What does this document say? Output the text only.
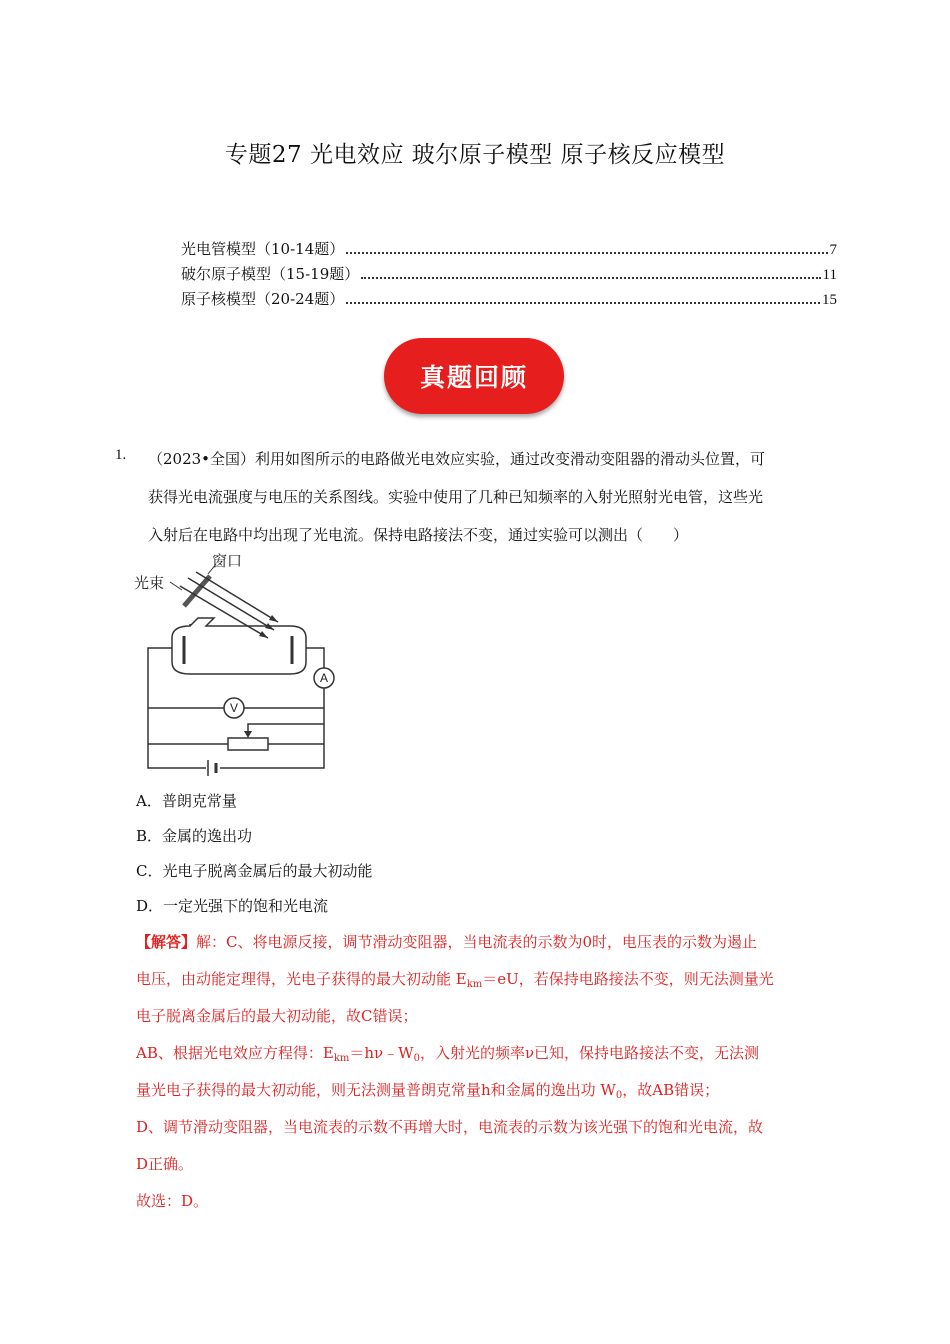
专题27 光电效应 玻尔原子模型 原子核反应模型
光电管模型（10-14题）	7
破尔原子模型（15-19题）	11
原子核模型（20-24题）	15
真题回顾
1. （2023•全国）利用如图所示的电路做光电效应实验，通过改变滑动变阻器的滑动头位置，可
获得光电流强度与电压的关系图线。实验中使用了几种已知频率的入射光照射光电管，这些光
入射后在电路中均出现了光电流。保持电路接法不变，通过实验可以测出（　　）
光束
窗口
A
V
A．普朗克常量
B．金属的逸出功
C．光电子脱离金属后的最大初动能
D．一定光强下的饱和光电流
【解答】解：C、将电源反接，调节滑动变阻器，当电流表的示数为0时，电压表的示数为遏止
电压，由动能定理得，光电子获得的最大初动能 $E_{km}=eU$，若保持电路接法不变，则无法测量光
电子脱离金属后的最大初动能，故C错误；
AB、根据光电效应方程得：$E_{km}=h\nu﹣W_0$，入射光的频率ν已知，保持电路接法不变，无法测
量光电子获得的最大初动能，则无法测量普朗克常量h和金属的逸出功 $W_0$，故AB错误；
D、调节滑动变阻器，当电流表的示数不再增大时，电流表的示数为该光强下的饱和光电流，故
D正确。
故选：D。
